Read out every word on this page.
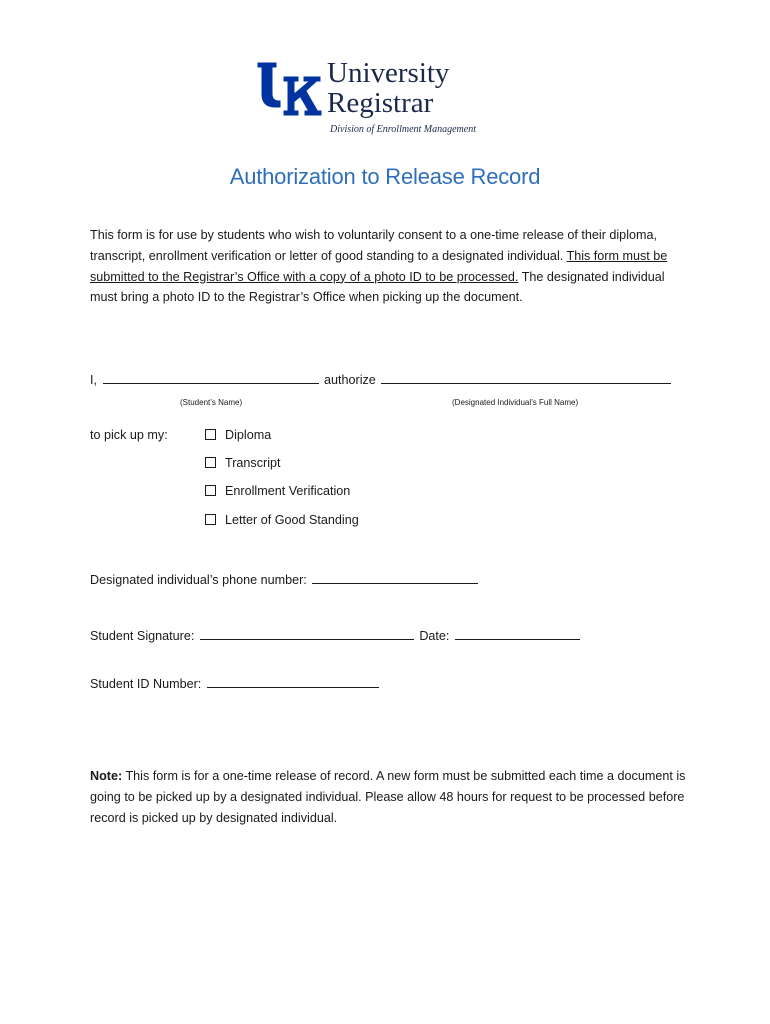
University
Registrar
Division of Enrollment Management
Authorization to Release Record
This form is for use by students who wish to voluntarily consent to a one-time release of their diploma, transcript, enrollment verification or letter of good standing to a designated individual. This form must be submitted to the Registrar’s Office with a copy of a photo ID to be processed. The designated individual must bring a photo ID to the Registrar’s Office when picking up the document.
I,	authorize
(Student’s Name)	(Designated Individual’s Full Name)
to pick up my:	Diploma
Transcript
Enrollment Verification
Letter of Good Standing
Designated individual’s phone number:
Student Signature:	Date:
Student ID Number:
Note: This form is for a one-time release of record. A new form must be submitted each time a document is going to be picked up by a designated individual. Please allow 48 hours for request to be processed before record is picked up by designated individual.
